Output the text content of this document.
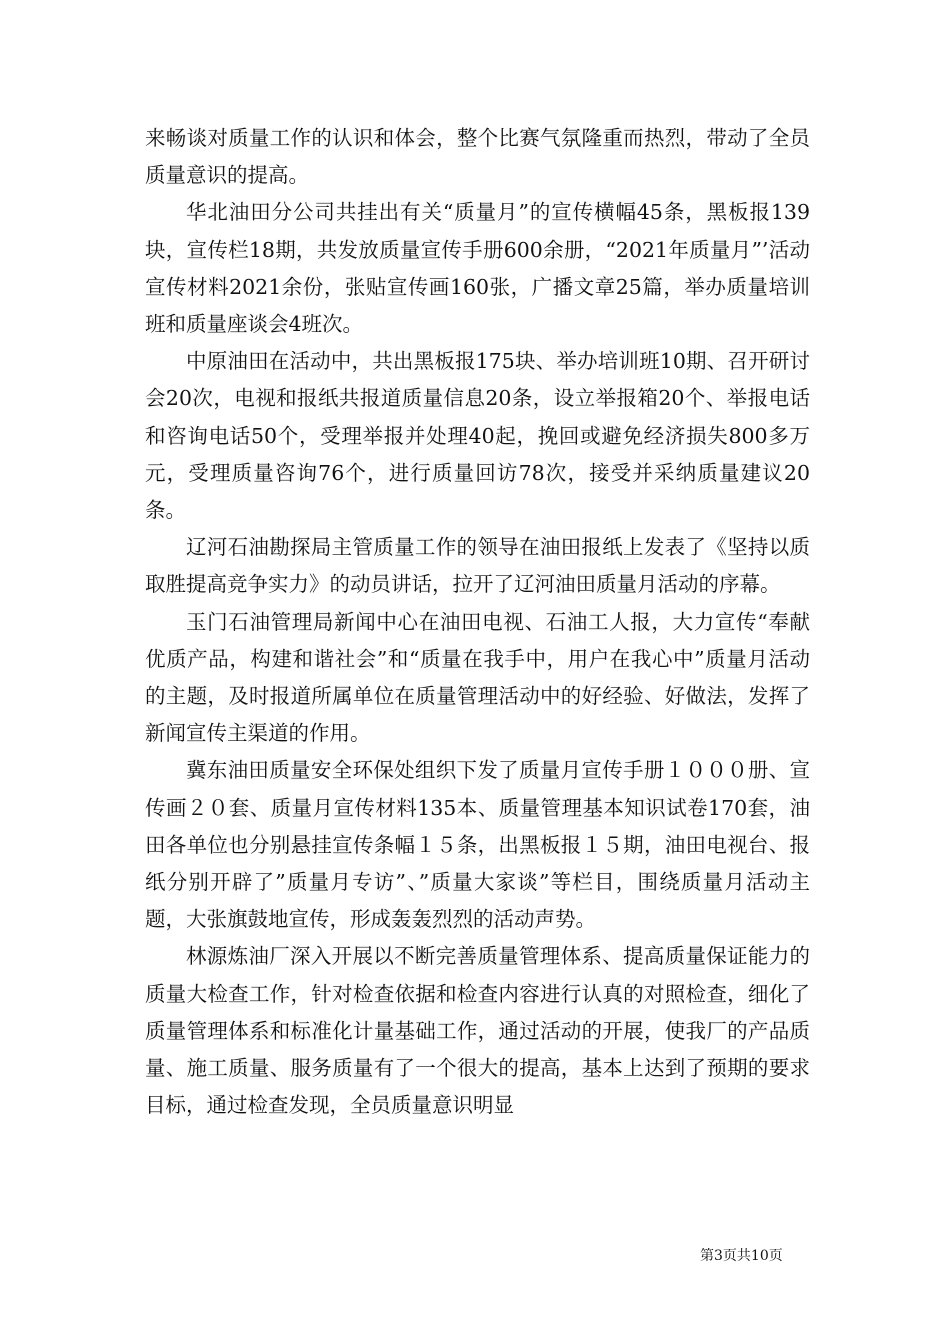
来畅谈对质量工作的认识和体会，整个比赛气氛隆重而热烈，带动了全员质量意识的提高。

华北油田分公司共挂出有关“质量月”的宣传横幅45条，黑板报139块，宣传栏18期，共发放质量宣传手册600余册，“2021年质量月”’活动宣传材料2021余份，张贴宣传画160张，广播文章25篇，举办质量培训班和质量座谈会4班次。

中原油田在活动中，共出黑板报175块、举办培训班10期、召开研讨会20次，电视和报纸共报道质量信息20条，设立举报箱20个、举报电话和咨询电话50个，受理举报并处理40起，挽回或避免经济损失800多万元，受理质量咨询76个，进行质量回访78次，接受并采纳质量建议20条。

辽河石油勘探局主管质量工作的领导在油田报纸上发表了《坚持以质取胜提高竞争实力》的动员讲话，拉开了辽河油田质量月活动的序幕。

玉门石油管理局新闻中心在油田电视、石油工人报，大力宣传“奉献优质产品，构建和谐社会”和“质量在我手中，用户在我心中”质量月活动的主题，及时报道所属单位在质量管理活动中的好经验、好做法，发挥了新闻宣传主渠道的作用。

冀东油田质量安全环保处组织下发了质量月宣传手册１０００册、宣传画２０套、质量月宣传材料135本、质量管理基本知识试卷170套，油田各单位也分别悬挂宣传条幅１５条，出黑板报１５期，油田电视台、报纸分别开辟了”质量月专访”、”质量大家谈”等栏目，围绕质量月活动主题，大张旗鼓地宣传，形成轰轰烈烈的活动声势。

林源炼油厂深入开展以不断完善质量管理体系、提高质量保证能力的质量大检查工作，针对检查依据和检查内容进行认真的对照检查，细化了质量管理体系和标准化计量基础工作，通过活动的开展，使我厂的产品质量、施工质量、服务质量有了一个很大的提高，基本上达到了预期的要求目标，通过检查发现，全员质量意识明显

第3页共10页
